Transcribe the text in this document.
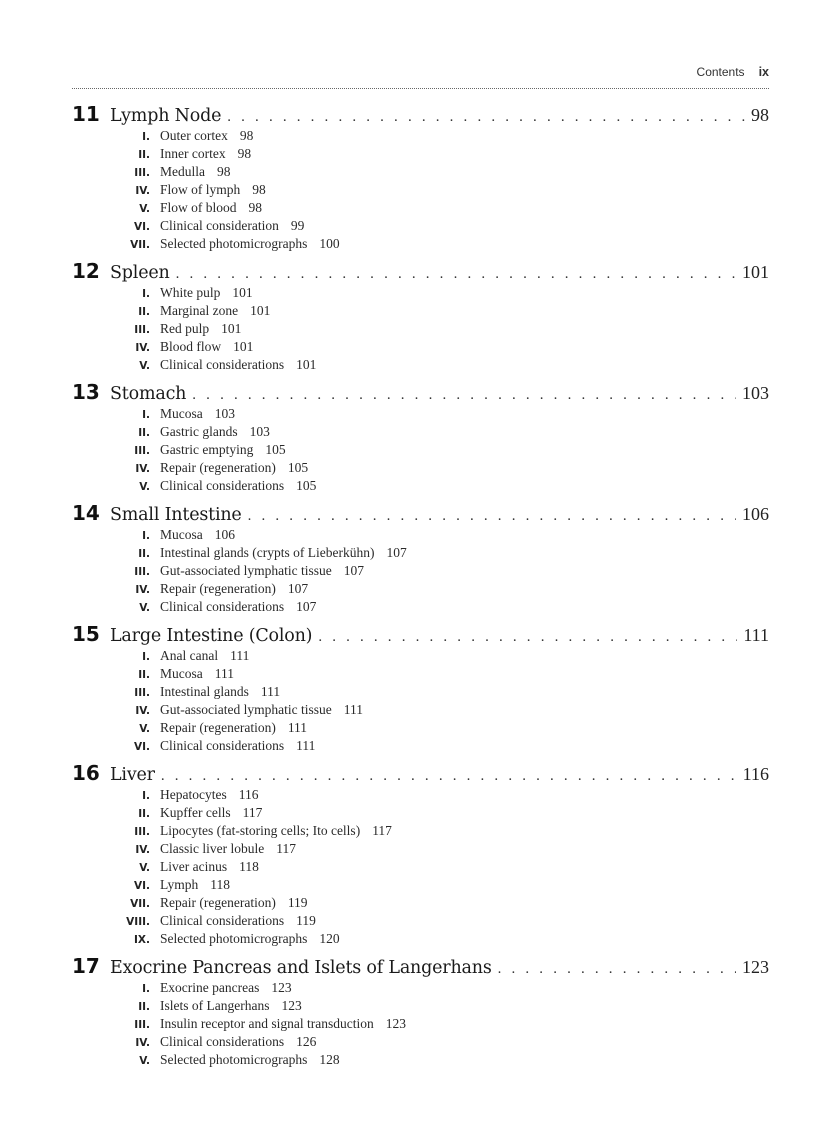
Contents ix
11 Lymph Node . . .	98
I. Outer cortex 98
II. Inner cortex 98
III. Medulla 98
IV. Flow of lymph 98
V. Flow of blood 98
VI. Clinical consideration 99
VII. Selected photomicrographs 100
12 Spleen . . .	101
I. White pulp 101
II. Marginal zone 101
III. Red pulp 101
IV. Blood flow 101
V. Clinical considerations 101
13 Stomach . . .	103
I. Mucosa 103
II. Gastric glands 103
III. Gastric emptying 105
IV. Repair (regeneration) 105
V. Clinical considerations 105
14 Small Intestine . . .	106
I. Mucosa 106
II. Intestinal glands (crypts of Lieberkühn) 107
III. Gut-associated lymphatic tissue 107
IV. Repair (regeneration) 107
V. Clinical considerations 107
15 Large Intestine (Colon) . . .	111
I. Anal canal 111
II. Mucosa 111
III. Intestinal glands 111
IV. Gut-associated lymphatic tissue 111
V. Repair (regeneration) 111
VI. Clinical considerations 111
16 Liver . . .	116
I. Hepatocytes 116
II. Kupffer cells 117
III. Lipocytes (fat-storing cells; Ito cells) 117
IV. Classic liver lobule 117
V. Liver acinus 118
VI. Lymph 118
VII. Repair (regeneration) 119
VIII. Clinical considerations 119
IX. Selected photomicrographs 120
17 Exocrine Pancreas and Islets of Langerhans . . .	123
I. Exocrine pancreas 123
II. Islets of Langerhans 123
III. Insulin receptor and signal transduction 123
IV. Clinical considerations 126
V. Selected photomicrographs 128
